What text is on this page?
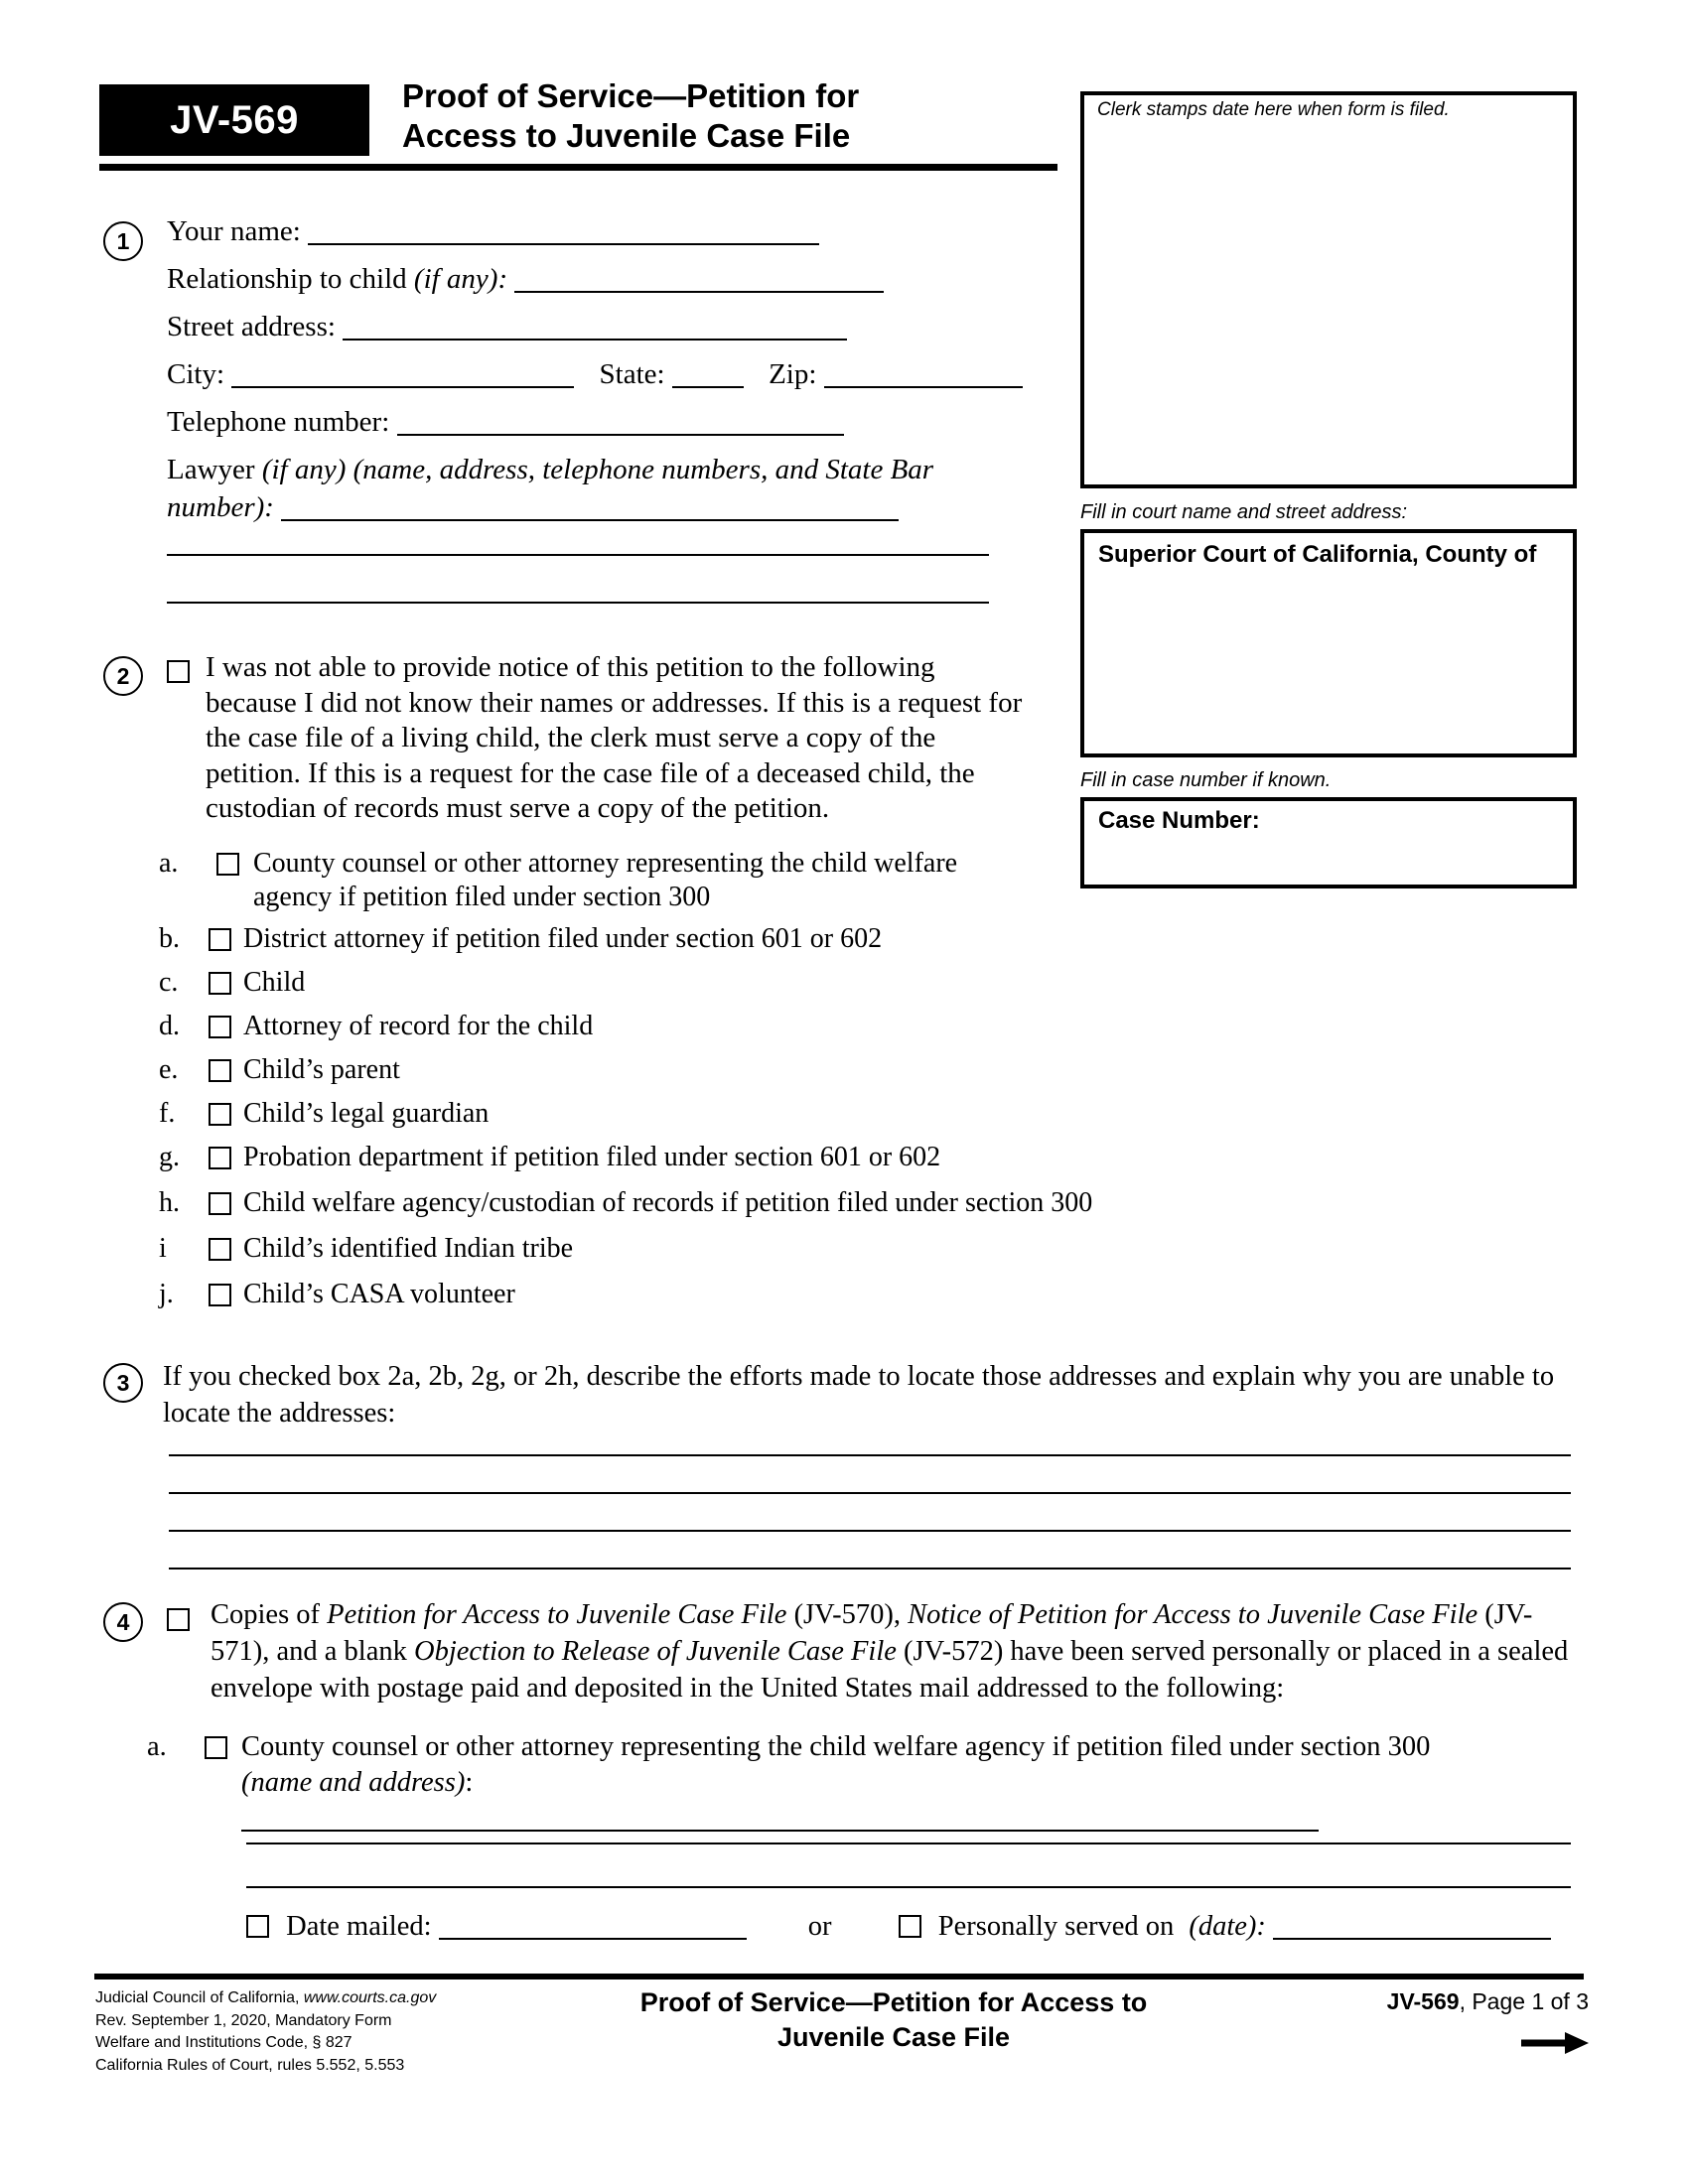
JV-569
Proof of Service—Petition for
Access to Juvenile Case File
Clerk stamps date here when form is filed.
Fill in court name and street address:
Superior Court of California, County of
Fill in case number if known.
Case Number:
1	Your name:
Relationship to child (if any):
Street address:
City:	State:	Zip:
Telephone number:
Lawyer (if any) (name, address, telephone numbers, and State Bar
number):
2	I was not able to provide notice of this petition to the following because I did not know their names or addresses. If this is a request for the case file of a living child, the clerk must serve a copy of the petition. If this is a request for the case file of a deceased child, the custodian of records must serve a copy of the petition.
a.	County counsel or other attorney representing the child welfare agency if petition filed under section 300
b.	District attorney if petition filed under section 601 or 602
c.	Child
d.	Attorney of record for the child
e.	Child’s parent
f.	Child’s legal guardian
g.	Probation department if petition filed under section 601 or 602
h.	Child welfare agency/custodian of records if petition filed under section 300
i	Child’s identified Indian tribe
j.	Child’s CASA volunteer
3	If you checked box 2a, 2b, 2g, or 2h, describe the efforts made to locate those addresses and explain why you are unable to locate the addresses:
4	Copies of Petition for Access to Juvenile Case File (JV-570), Notice of Petition for Access to Juvenile Case File (JV-571), and a blank Objection to Release of Juvenile Case File (JV-572) have been served personally or placed in a sealed envelope with postage paid and deposited in the United States mail addressed to the following:
a.	County counsel or other attorney representing the child welfare agency if petition filed under section 300
(name and address):
Date mailed:	or	Personally served on (date):
Judicial Council of California, www.courts.ca.gov
Rev. September 1, 2020, Mandatory Form
Welfare and Institutions Code, § 827
California Rules of Court, rules 5.552, 5.553
Proof of Service—Petition for Access to
Juvenile Case File
JV-569, Page 1 of 3
